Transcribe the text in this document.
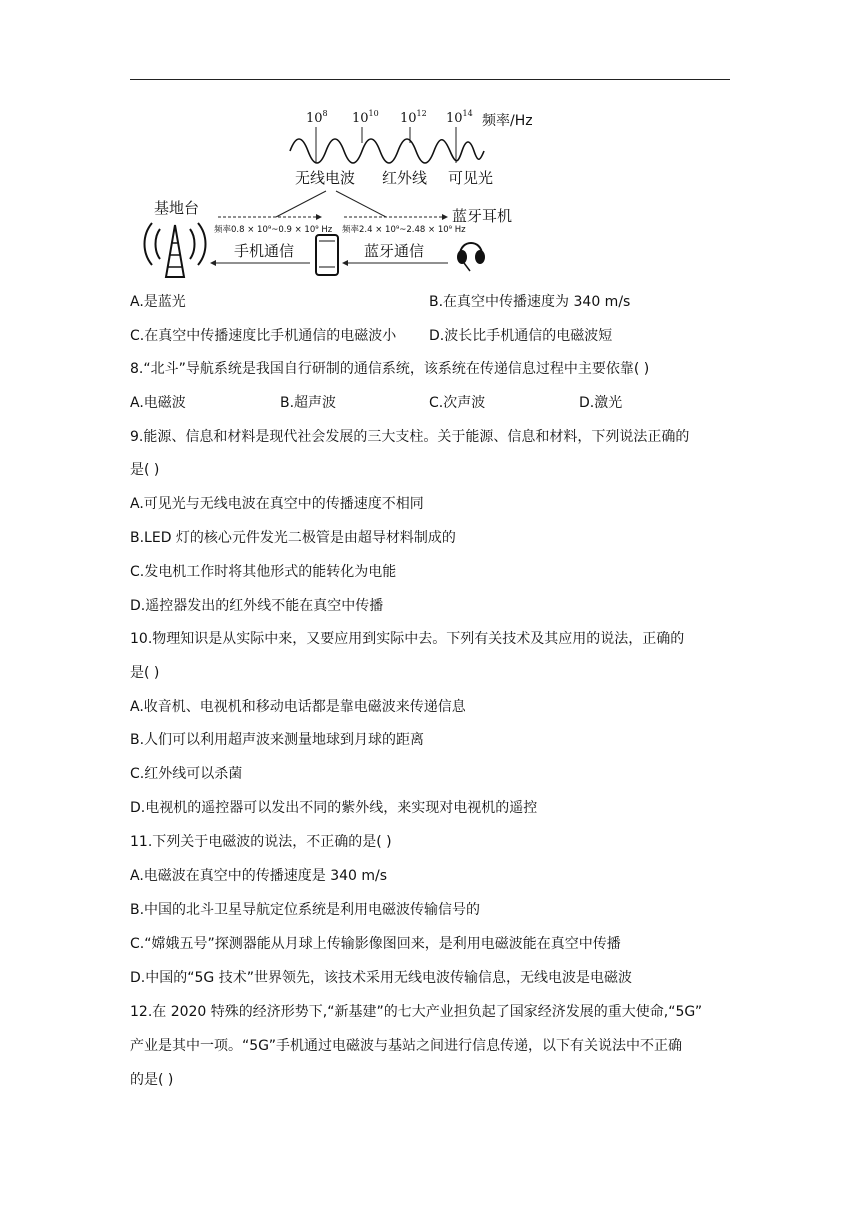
$10^8$ $10^{10}$ $10^{12}$ $10^{14}$ 频率/Hz
无线电波 红外线 可见光
基地台
频率0.8 × 10⁹~0.9 × 10⁹ Hz 频率2.4 × 10⁹~2.48 × 10⁹ Hz
蓝牙耳机
手机通信	蓝牙通信
A.是蓝光	B.在真空中传播速度为 340 m/s
C.在真空中传播速度比手机通信的电磁波小 D.波长比手机通信的电磁波短
8.“北斗”导航系统是我国自行研制的通信系统，该系统在传递信息过程中主要依靠( )
A.电磁波	B.超声波	C.次声波	D.激光
9.能源、信息和材料是现代社会发展的三大支柱。关于能源、信息和材料，下列说法正确的
是( )
A.可见光与无线电波在真空中的传播速度不相同
B.LED 灯的核心元件发光二极管是由超导材料制成的
C.发电机工作时将其他形式的能转化为电能
D.遥控器发出的红外线不能在真空中传播
10.物理知识是从实际中来，又要应用到实际中去。下列有关技术及其应用的说法，正确的
是( )
A.收音机、电视机和移动电话都是靠电磁波来传递信息
B.人们可以利用超声波来测量地球到月球的距离
C.红外线可以杀菌
D.电视机的遥控器可以发出不同的紫外线，来实现对电视机的遥控
11.下列关于电磁波的说法，不正确的是( )
A.电磁波在真空中的传播速度是 340 m/s
B.中国的北斗卫星导航定位系统是利用电磁波传输信号的
C.“嫦娥五号”探测器能从月球上传输影像图回来，是利用电磁波能在真空中传播
D.中国的“5G 技术”世界领先，该技术采用无线电波传输信息，无线电波是电磁波
12.在 2020 特殊的经济形势下,“新基建”的七大产业担负起了国家经济发展的重大使命,“5G”
产业是其中一项。“5G”手机通过电磁波与基站之间进行信息传递，以下有关说法中不正确
的是( )
